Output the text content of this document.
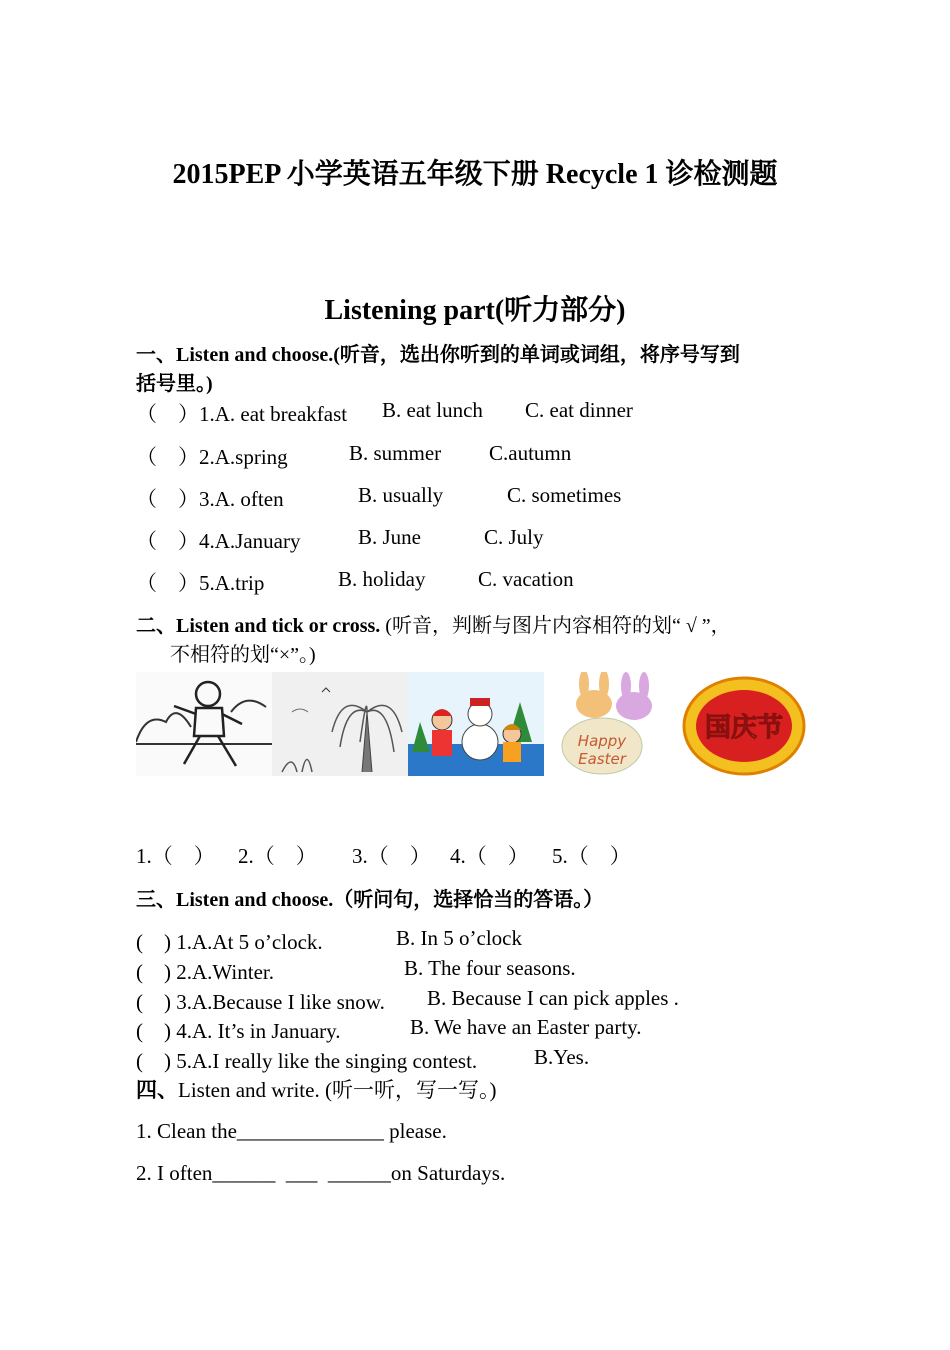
2015PEP 小学英语五年级下册 Recycle 1 诊检测题
Listening part(听力部分)
一、Listen and choose.(听音，选出你听到的单词或词组，将序号写到
括号里。)
（　）1.A. eat breakfast B. eat lunch C. eat dinner
（　）2.A.spring	B. summer C.autumn
（　）3.A. often	B. usually	C. sometimes
（　）4.A.January	B. June	C. July
（　）5.A.trip	B. holiday	C. vacation
二、Listen and tick or cross. (听音，判断与图片内容相符的划“ √ ”，
不相符的划“×”。)
Happy
Easter
国庆节
1.（　） 2.（　） 3.（　） 4.（　） 5.（　）
三、Listen and choose.（听问句，选择恰当的答语。）
(　) 1.A.At 5 o’clock.	B. In 5 o’clock
(　) 2.A.Winter.	B. The four seasons.
(　) 3.A.Because I like snow. B. Because I can pick apples .
(　) 4.A. It’s in January.	B. We have an Easter party.
(　) 5.A.I really like the singing contest.	B.Yes.
四、Listen and write. (听一听，写一写。)
1. Clean the______________ please.
2. I often______ ___ ______on Saturdays.
